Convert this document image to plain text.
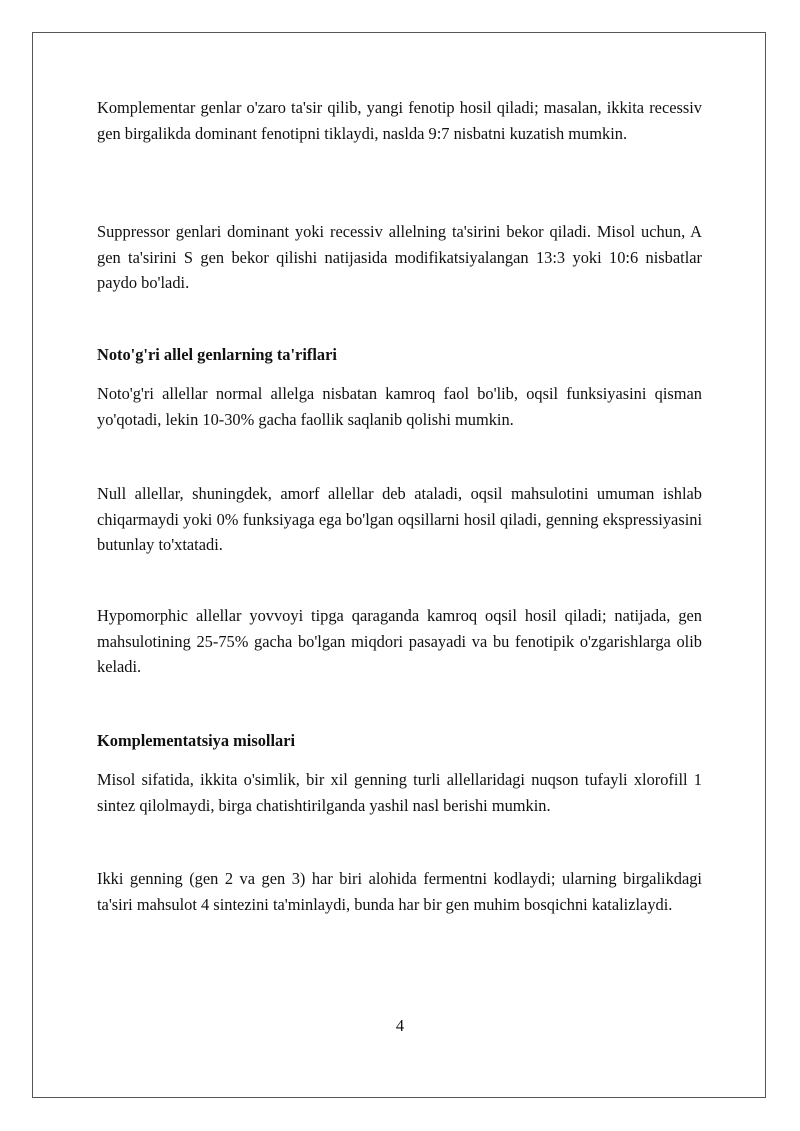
Komplementar genlar o'zaro ta'sir qilib, yangi fenotip hosil qiladi; masalan, ikkita recessiv gen birgalikda dominant fenotipni tiklaydi, naslda 9:7 nisbatni kuzatish mumkin.

Suppressor genlari dominant yoki recessiv allelning ta'sirini bekor qiladi. Misol uchun, A gen ta'sirini S gen bekor qilishi natijasida modifikatsiyalangan 13:3 yoki 10:6 nisbatlar paydo bo'ladi.

Noto'g'ri allel genlarning ta'riflari

Noto'g'ri allellar normal allelga nisbatan kamroq faol bo'lib, oqsil funksiyasini qisman yo'qotadi, lekin 10-30% gacha faollik saqlanib qolishi mumkin.

Null allellar, shuningdek, amorf allellar deb ataladi, oqsil mahsulotini umuman ishlab chiqarmaydi yoki 0% funksiyaga ega bo'lgan oqsillarni hosil qiladi, genning ekspressiyasini butunlay to'xtatadi.

Hypomorphic allellar yovvoyi tipga qaraganda kamroq oqsil hosil qiladi; natijada, gen mahsulotining 25-75% gacha bo'lgan miqdori pasayadi va bu fenotipik o'zgarishlarga olib keladi.

Komplementatsiya misollari

Misol sifatida, ikkita o'simlik, bir xil genning turli allellaridagi nuqson tufayli xlorofill 1 sintez qilolmaydi, birga chatishtirilganda yashil nasl berishi mumkin.

Ikki genning (gen 2 va gen 3) har biri alohida fermentni kodlaydi; ularning birgalikdagi ta'siri mahsulot 4 sintezini ta'minlaydi, bunda har bir gen muhim bosqichni katalizlaydi.

4
